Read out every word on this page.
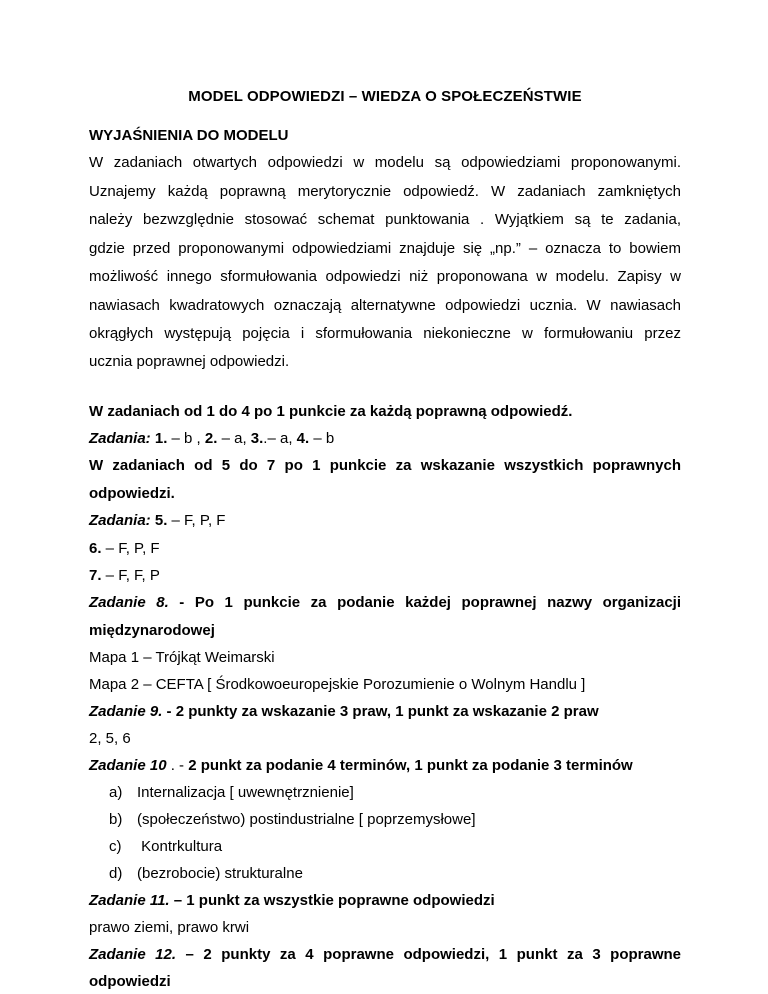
MODEL ODPOWIEDZI – WIEDZA O SPOŁECZEŃSTWIE
WYJAŚNIENIA DO MODELU
W zadaniach otwartych odpowiedzi w modelu są odpowiedziami proponowanymi.
Uznajemy każdą poprawną merytorycznie odpowiedź. W zadaniach zamkniętych
należy bezwzględnie stosować schemat punktowania . Wyjątkiem są te zadania,
gdzie przed proponowanymi odpowiedziami znajduje się „np.” – oznacza to bowiem
możliwość innego sformułowania odpowiedzi niż proponowana w modelu. Zapisy w
nawiasach kwadratowych oznaczają alternatywne odpowiedzi ucznia. W nawiasach
okrągłych występują pojęcia i sformułowania niekonieczne w formułowaniu przez
ucznia poprawnej odpowiedzi.
W zadaniach od 1 do 4 po 1 punkcie za każdą poprawną odpowiedź.
Zadania: 1. – b , 2. – a, 3..– a, 4. – b
W zadaniach od 5 do 7 po 1 punkcie za wskazanie wszystkich poprawnych
odpowiedzi.
Zadania: 5. – F, P, F
6. – F, P, F
7. – F, F, P
Zadanie 8. - Po 1 punkcie za podanie każdej poprawnej nazwy organizacji
międzynarodowej
Mapa 1 – Trójkąt Weimarski
Mapa 2 – CEFTA [ Środkowoeuropejskie Porozumienie o Wolnym Handlu ]
Zadanie 9. - 2 punkty za wskazanie 3 praw, 1 punkt za wskazanie 2 praw
2, 5, 6
Zadanie 10 . - 2 punkt za podanie 4 terminów, 1 punkt za podanie 3 terminów
a) Internalizacja [ uwewnętrznienie]
b) (społeczeństwo) postindustrialne [ poprzemysłowe]
c) Kontrkultura
d) (bezrobocie) strukturalne
Zadanie 11. – 1 punkt za wszystkie poprawne odpowiedzi
prawo ziemi, prawo krwi
Zadanie 12. – 2 punkty za 4 poprawne odpowiedzi, 1 punkt za 3 poprawne
odpowiedzi
